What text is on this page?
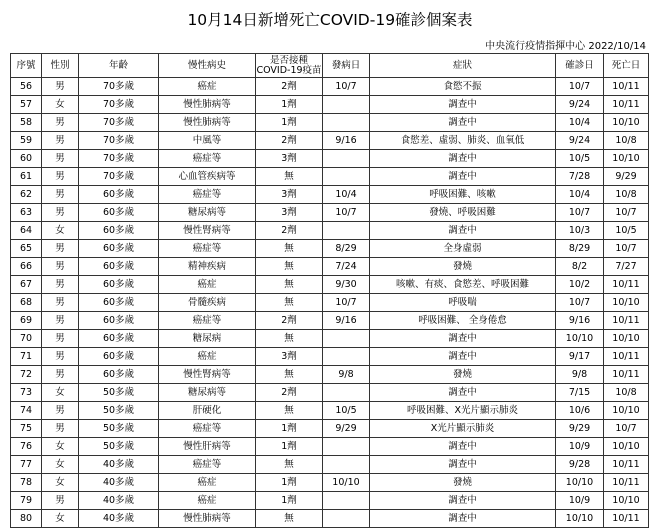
10月14日新增死亡COVID-19確診個案表
中央流行疫情指揮中心 2022/10/14
序號	性別	年齡	慢性病史	是否接種
COVID-19疫苗	發病日	症狀	確診日	死亡日
56	男	70多歲	癌症	2劑	10/7	食慾不振	10/7	10/11
57	女	70多歲	慢性肺病等	1劑		調查中	9/24	10/11
58	男	70多歲	慢性肺病等	1劑		調查中	10/4	10/10
59	男	70多歲	中風等	2劑	9/16	食慾差、虛弱、肺炎、血氧低	9/24	10/8
60	男	70多歲	癌症等	3劑		調查中	10/5	10/10
61	男	70多歲	心血管疾病等	無		調查中	7/28	9/29
62	男	60多歲	癌症等	3劑	10/4	呼吸困難、咳嗽	10/4	10/8
63	男	60多歲	糖尿病等	3劑	10/7	發燒、呼吸困難	10/7	10/7
64	女	60多歲	慢性腎病等	2劑		調查中	10/3	10/5
65	男	60多歲	癌症等	無	8/29	全身虛弱	8/29	10/7
66	男	60多歲	精神疾病	無	7/24	發燒	8/2	7/27
67	男	60多歲	癌症	無	9/30	咳嗽、有痰、食慾差、呼吸困難	10/2	10/11
68	男	60多歲	骨髓疾病	無	10/7	呼吸喘	10/7	10/10
69	男	60多歲	癌症等	2劑	9/16	呼吸困難、 全身倦怠	9/16	10/11
70	男	60多歲	糖尿病	無		調查中	10/10	10/10
71	男	60多歲	癌症	3劑		調查中	9/17	10/11
72	男	60多歲	慢性腎病等	無	9/8	發燒	9/8	10/11
73	女	50多歲	糖尿病等	2劑		調查中	7/15	10/8
74	男	50多歲	肝硬化	無	10/5	呼吸困難、X光片顯示肺炎	10/6	10/10
75	男	50多歲	癌症等	1劑	9/29	X光片顯示肺炎	9/29	10/7
76	女	50多歲	慢性肝病等	1劑		調查中	10/9	10/10
77	女	40多歲	癌症等	無		調查中	9/28	10/11
78	女	40多歲	癌症	1劑	10/10	發燒	10/10	10/11
79	男	40多歲	癌症	1劑		調查中	10/9	10/10
80	女	40多歲	慢性肺病等	無		調查中	10/10	10/11
